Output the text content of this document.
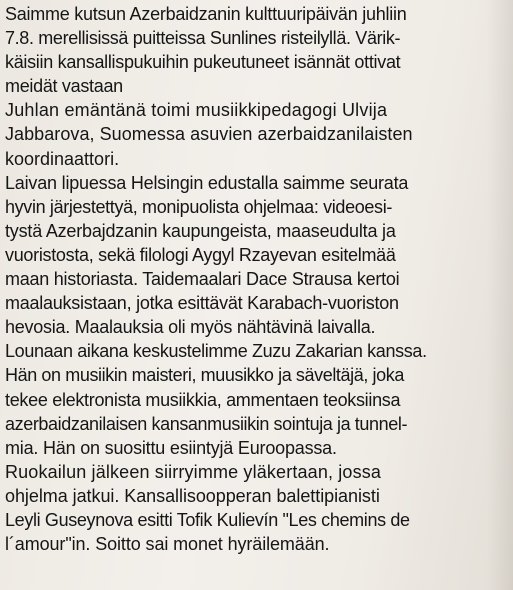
Saimme kutsun Azerbaidzanin kulttuuripäivän juhliin
7.8. merellisissä puitteissa Sunlines risteilyllä. Värik-
käisiin kansallispukuihin pukeutuneet isännät ottivat
meidät vastaan
Juhlan emäntänä toimi musiikkipedagogi Ulvija
Jabbarova, Suomessa asuvien azerbaidzanilaisten
koordinaattori.
Laivan lipuessa Helsingin edustalla saimme seurata
hyvin järjestettyä, monipuolista ohjelmaa: videoesi-
tystä Azerbajdzanin kaupungeista, maaseudulta ja
vuoristosta, sekä filologi Aygyl Rzayevan esitelmää
maan historiasta. Taidemaalari Dace Strausa kertoi
maalauksistaan, jotka esittävät Karabach-vuoriston
hevosia. Maalauksia oli myös nähtävinä laivalla.
Lounaan aikana keskustelimme Zuzu Zakarian kanssa.
Hän on musiikin maisteri, muusikko ja säveltäjä, joka
tekee elektronista musiikkia, ammentaen teoksiinsa
azerbaidzanilaisen kansanmusiikin sointuja ja tunnel-
mia. Hän on suosittu esiintyjä Euroopassa.
Ruokailun jälkeen siirryimme yläkertaan, jossa
ohjelma jatkui. Kansallisoopperan balettipianisti
Leyli Guseynova esitti Tofik Kulievín "Les chemins de
l´amour"in. Soitto sai monet hyräilemään.
